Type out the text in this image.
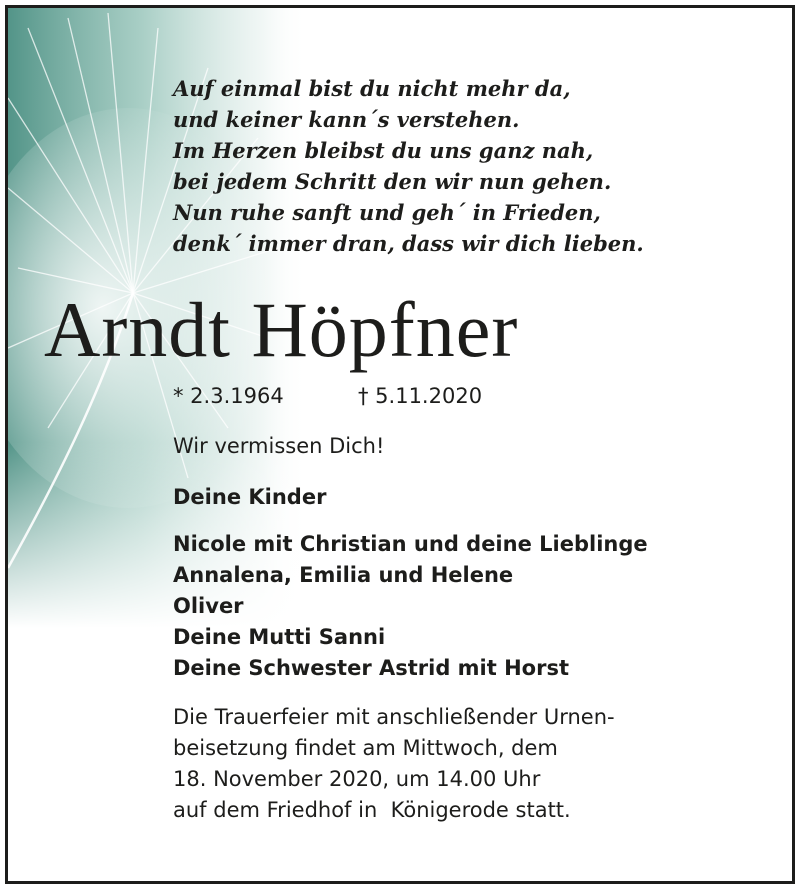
Auf einmal bist du nicht mehr da,
und keiner kann´s verstehen.
Im Herzen bleibst du uns ganz nah,
bei jedem Schritt den wir nun gehen.
Nun ruhe sanft und geh´ in Frieden,
denk´ immer dran, dass wir dich lieben.
Arndt Höpfner
* 2.3.1964	† 5.11.2020
Wir vermissen Dich!
Deine Kinder
Nicole mit Christian und deine Lieblinge
Annalena, Emilia und Helene
Oliver
Deine Mutti Sanni
Deine Schwester Astrid mit Horst
Die Trauerfeier mit anschließender Urnen-
beisetzung findet am Mittwoch, dem
18. November 2020, um 14.00 Uhr
auf dem Friedhof in  Königerode statt.
